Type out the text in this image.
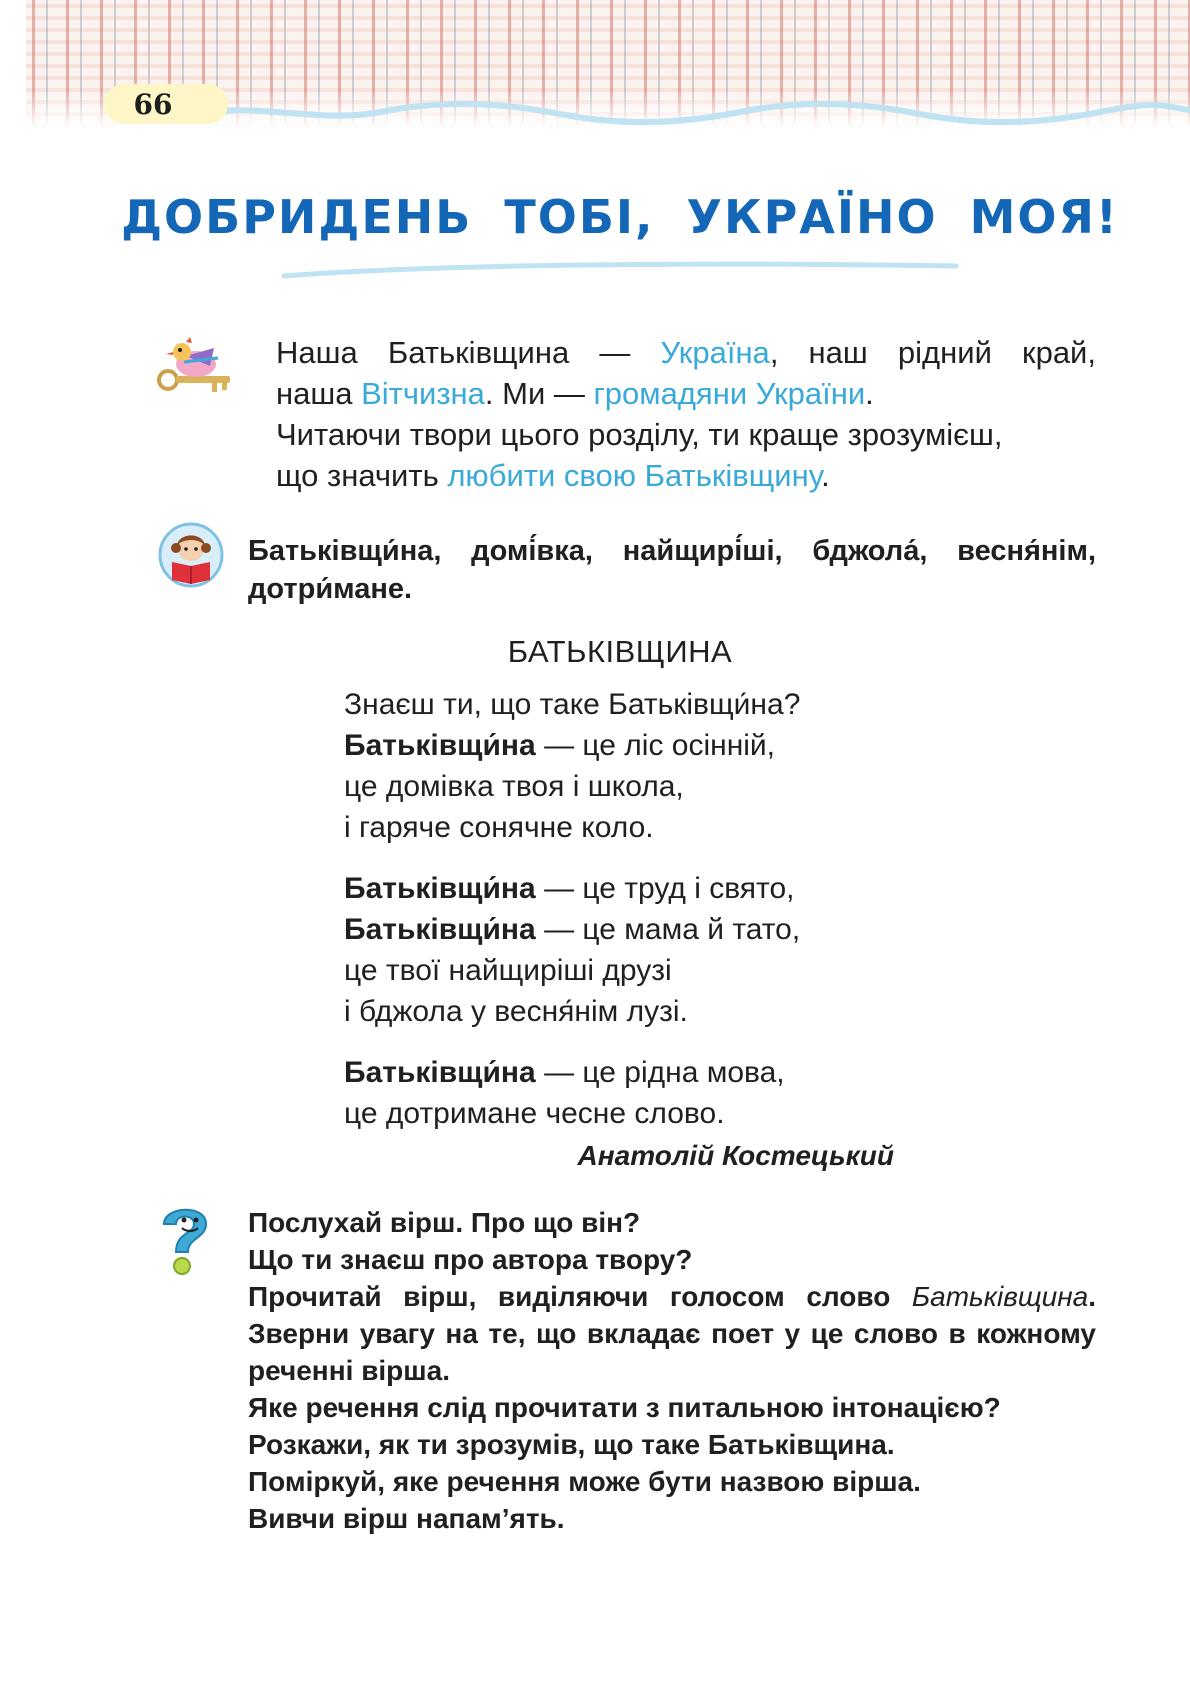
66
ДОБРИДЕНЬ ТОБІ, УКРАЇНО МОЯ!
Наша Батьківщина — Україна, наш рідний край,
наша Вітчизна. Ми — громадяни України.
Читаючи твори цього розділу, ти краще зрозумієш,
що значить любити свою Батьківщину.
Батьківщи́на, домі́вка, найщирі́ші, бджола́, весня́нім,
дотри́мане.
БАТЬКІВЩИНА
Знаєш ти, що таке Батьківщи́на?
Батьківщи́на — це ліс осінній,
це домівка твоя і школа,
і гаряче сонячне коло.
Батьківщи́на — це труд і свято,
Батьківщи́на — це мама й тато,
це твої найщиріші друзі
і бджола у весня́нім лузі.
Батьківщи́на — це рідна мова,
це дотримане чесне слово.
Анатолій Костецький
Послухай вірш. Про що він?
Що ти знаєш про автора твору?
Прочитай вірш, виділяючи голосом слово Батьківщина.
Зверни увагу на те, що вкладає поет у це слово в кожному
реченні вірша.
Яке речення слід прочитати з питальною інтонацією?
Розкажи, як ти зрозумів, що таке Батьківщина.
Поміркуй, яке речення може бути назвою вірша.
Вивчи вірш напам’ять.
